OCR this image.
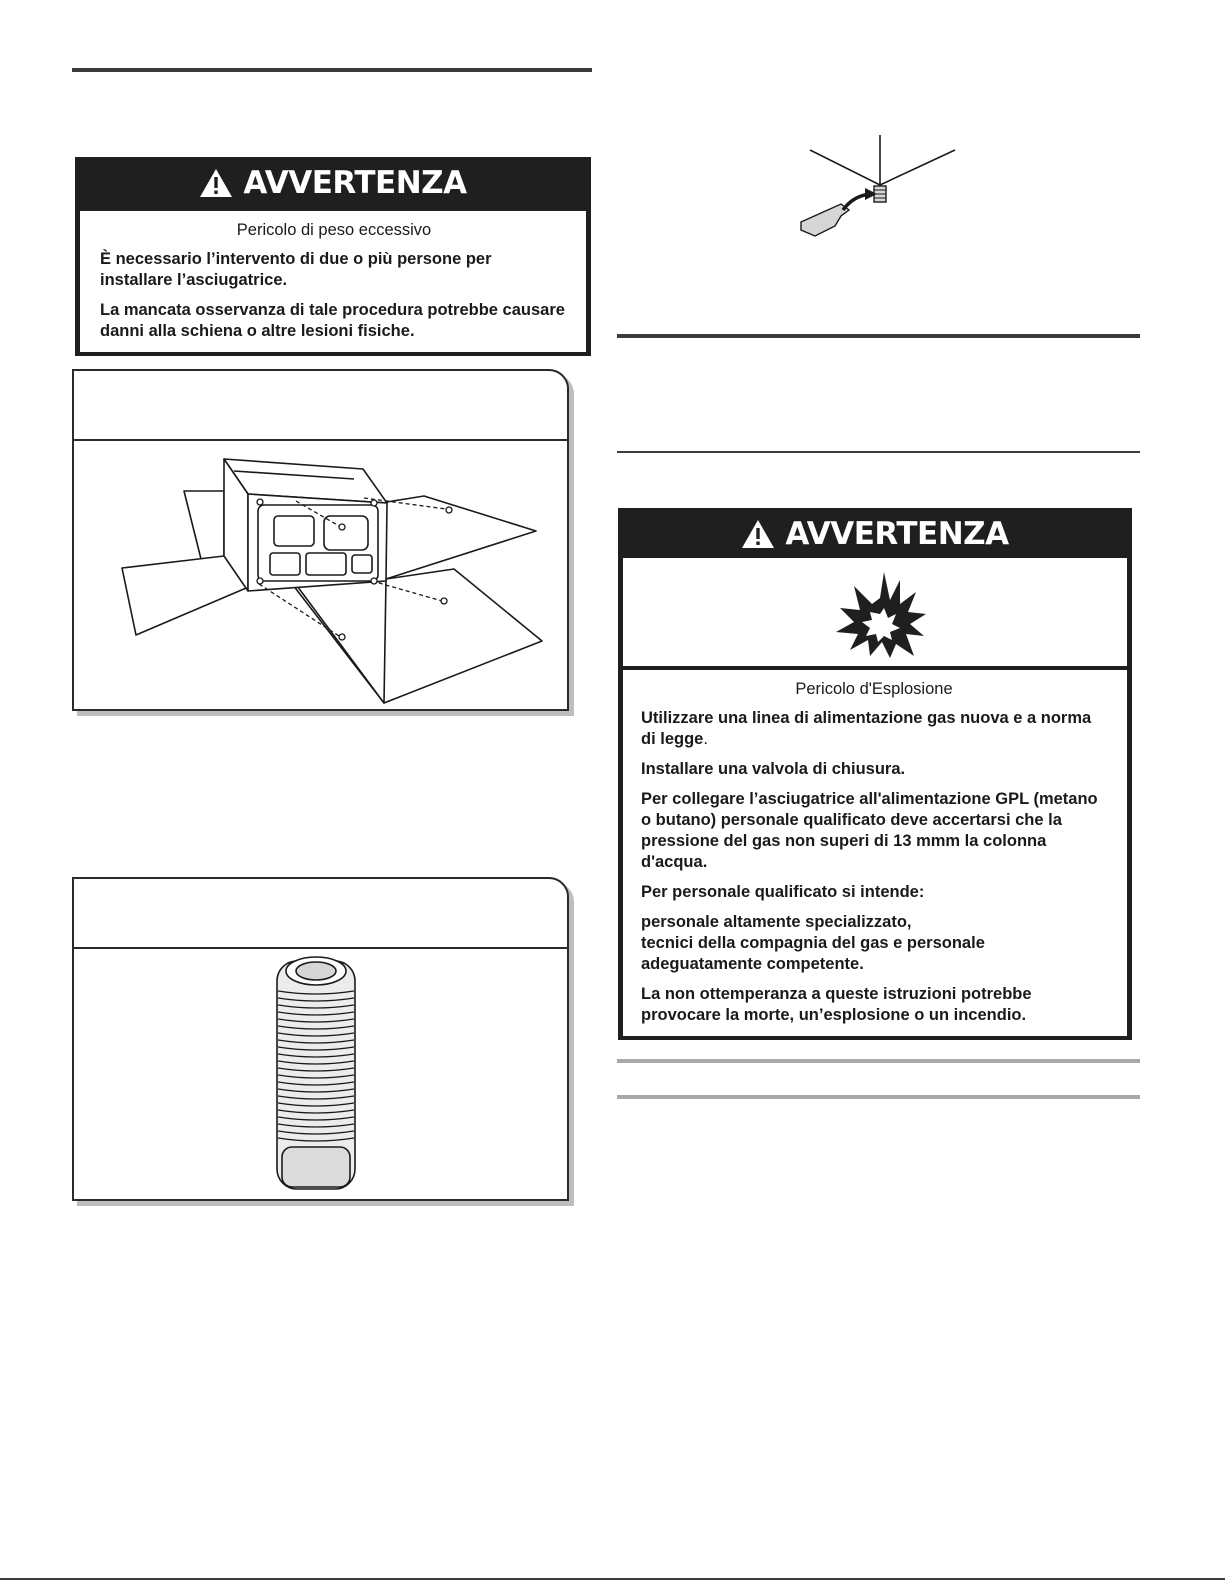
AVVERTENZA
Pericolo di peso eccessivo

È necessario l’intervento di due o più persone per installare l’asciugatrice.

La mancata osservanza di tale procedura potrebbe causare danni alla schiena o altre lesioni fisiche.

AVVERTENZA
Pericolo d'Esplosione

Utilizzare una linea di alimentazione gas nuova e a norma di legge.

Installare una valvola di chiusura.

Per collegare l’asciugatrice all'alimentazione GPL (metano o butano) personale qualificato deve accertarsi che la pressione del gas non superi di 13 mmm la colonna d'acqua.

Per personale qualificato si intende:

personale altamente specializzato,
tecnici della compagnia del gas e personale
adeguatamente competente.

La non ottemperanza a queste istruzioni potrebbe provocare la morte, un’esplosione o un incendio.
